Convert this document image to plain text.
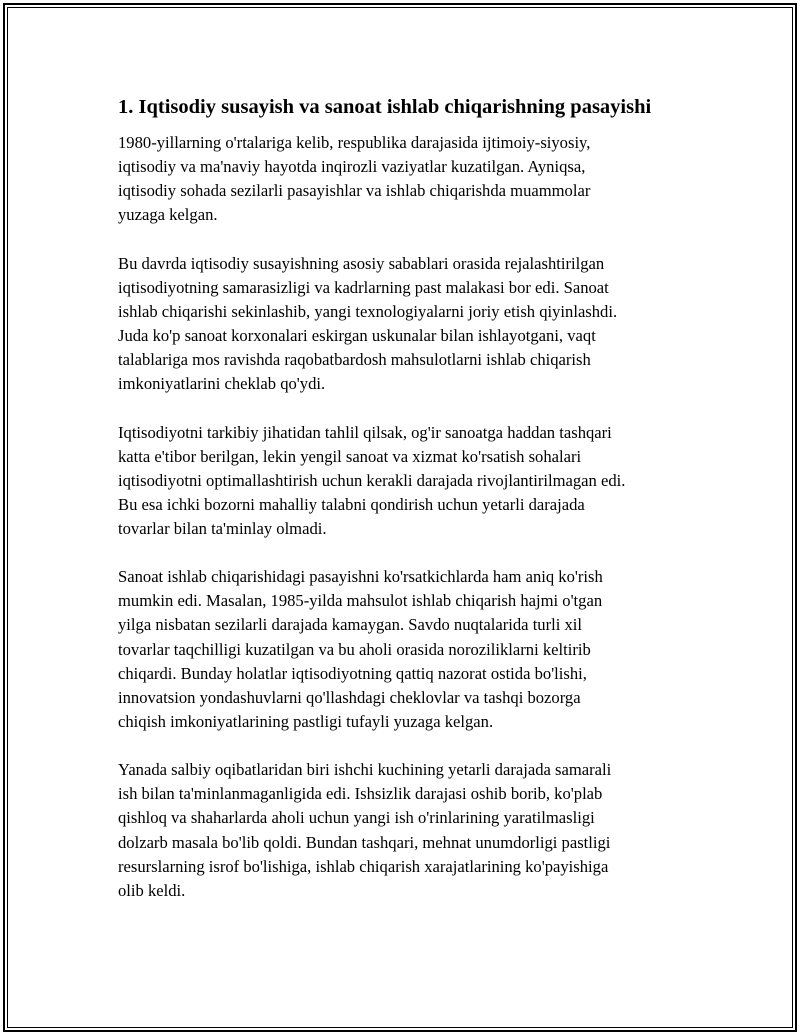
1. Iqtisodiy susayish va sanoat ishlab chiqarishning pasayishi

1980-yillarning o'rtalariga kelib, respublika darajasida ijtimoiy-siyosiy,
iqtisodiy va ma'naviy hayotda inqirozli vaziyatlar kuzatilgan. Ayniqsa,
iqtisodiy sohada sezilarli pasayishlar va ishlab chiqarishda muammolar
yuzaga kelgan.

Bu davrda iqtisodiy susayishning asosiy sabablari orasida rejalashtirilgan
iqtisodiyotning samarasizligi va kadrlarning past malakasi bor edi. Sanoat
ishlab chiqarishi sekinlashib, yangi texnologiyalarni joriy etish qiyinlashdi.
Juda ko'p sanoat korxonalari eskirgan uskunalar bilan ishlayotgani, vaqt
talablariga mos ravishda raqobatbardosh mahsulotlarni ishlab chiqarish
imkoniyatlarini cheklab qo'ydi.

Iqtisodiyotni tarkibiy jihatidan tahlil qilsak, og'ir sanoatga haddan tashqari
katta e'tibor berilgan, lekin yengil sanoat va xizmat ko'rsatish sohalari
iqtisodiyotni optimallashtirish uchun kerakli darajada rivojlantirilmagan edi.
Bu esa ichki bozorni mahalliy talabni qondirish uchun yetarli darajada
tovarlar bilan ta'minlay olmadi.

Sanoat ishlab chiqarishidagi pasayishni ko'rsatkichlarda ham aniq ko'rish
mumkin edi. Masalan, 1985-yilda mahsulot ishlab chiqarish hajmi o'tgan
yilga nisbatan sezilarli darajada kamaygan. Savdo nuqtalarida turli xil
tovarlar taqchilligi kuzatilgan va bu aholi orasida noroziliklarni keltirib
chiqardi. Bunday holatlar iqtisodiyotning qattiq nazorat ostida bo'lishi,
innovatsion yondashuvlarni qo'llashdagi cheklovlar va tashqi bozorga
chiqish imkoniyatlarining pastligi tufayli yuzaga kelgan.

Yanada salbiy oqibatlaridan biri ishchi kuchining yetarli darajada samarali
ish bilan ta'minlanmaganligida edi. Ishsizlik darajasi oshib borib, ko'plab
qishloq va shaharlarda aholi uchun yangi ish o'rinlarining yaratilmasligi
dolzarb masala bo'lib qoldi. Bundan tashqari, mehnat unumdorligi pastligi
resurslarning isrof bo'lishiga, ishlab chiqarish xarajatlarining ko'payishiga
olib keldi.
